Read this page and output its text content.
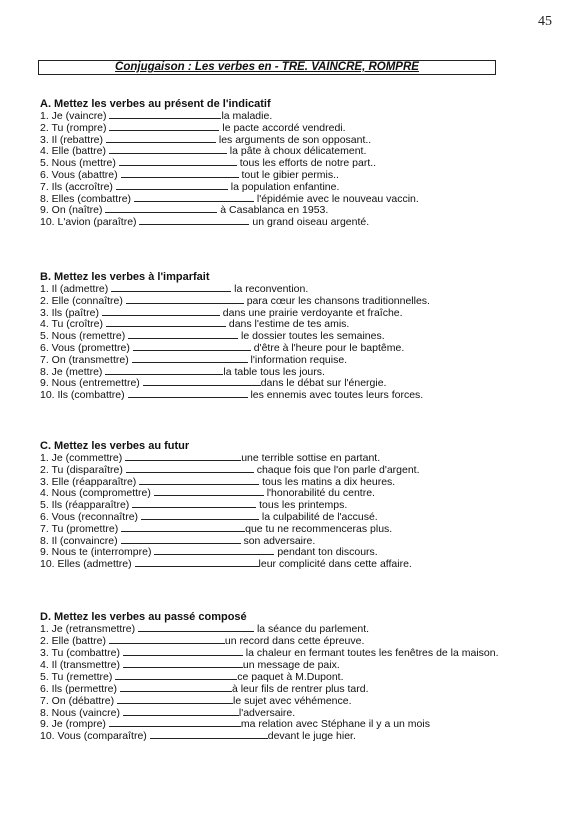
45
Conjugaison : Les verbes en - TRE. VAINCRE, ROMPRE
A. Mettez les verbes au présent de l'indicatif
1. Je (vaincre)	la maladie.
2. Tu (rompre)	le pacte accordé vendredi.
3. Il (rebattre)	les arguments de son opposant..
4. Elle (battre)	la pâte à choux délicatement.
5. Nous (mettre)	tous les efforts de notre part..
6. Vous (abattre)	tout le gibier permis..
7. Ils (accroître)	la population enfantine.
8. Elles (combattre)	l'épidémie avec le nouveau vaccin.
9. On (naître)	à Casablanca en 1953.
10. L'avion (paraître)	un grand oiseau argenté.
B. Mettez les verbes à l'imparfait
1. Il (admettre)	la reconvention.
2. Elle (connaître)	para cœur les chansons traditionnelles.
3. Ils (paître)	dans une prairie verdoyante et fraîche.
4. Tu (croître)	dans l'estime de tes amis.
5. Nous (remettre)	le dossier toutes les semaines.
6. Vous (promettre)	d'être à l'heure pour le baptême.
7. On (transmettre)	l'information requise.
8. Je (mettre)	la table tous les jours.
9. Nous (entremettre)	dans le débat sur l'énergie.
10. Ils (combattre)	les ennemis avec toutes leurs forces.
C. Mettez les verbes au futur
1. Je (commettre)	une terrible sottise en partant.
2. Tu (disparaître)	chaque fois que l'on parle d'argent.
3. Elle (réapparaître)	tous les matins a dix heures.
4. Nous (compromettre)	l'honorabilité du centre.
5. Ils (réapparaître)	tous les printemps.
6. Vous (reconnaître)	la culpabilité de l'accusé.
7. Tu (promettre)	que tu ne recommenceras plus.
8. Il (convaincre)	son adversaire.
9. Nous te (interrompre)	pendant ton discours.
10. Elles (admettre)	leur complicité dans cette affaire.
D. Mettez les verbes au passé composé
1. Je (retransmettre)	la séance du parlement.
2. Elle (battre)	un record dans cette épreuve.
3. Tu (combattre)	la chaleur en fermant toutes les fenêtres de la maison.
4. Il (transmettre)	un message de paix.
5. Tu (remettre)	ce paquet à M.Dupont.
6. Ils (permettre)	à leur fils de rentrer plus tard.
7. On (débattre)	le sujet avec véhémence.
8. Nous (vaincre)	l'adversaire.
9. Je (rompre)	ma relation avec Stéphane il y a un mois
10. Vous (comparaître)	devant le juge hier.
